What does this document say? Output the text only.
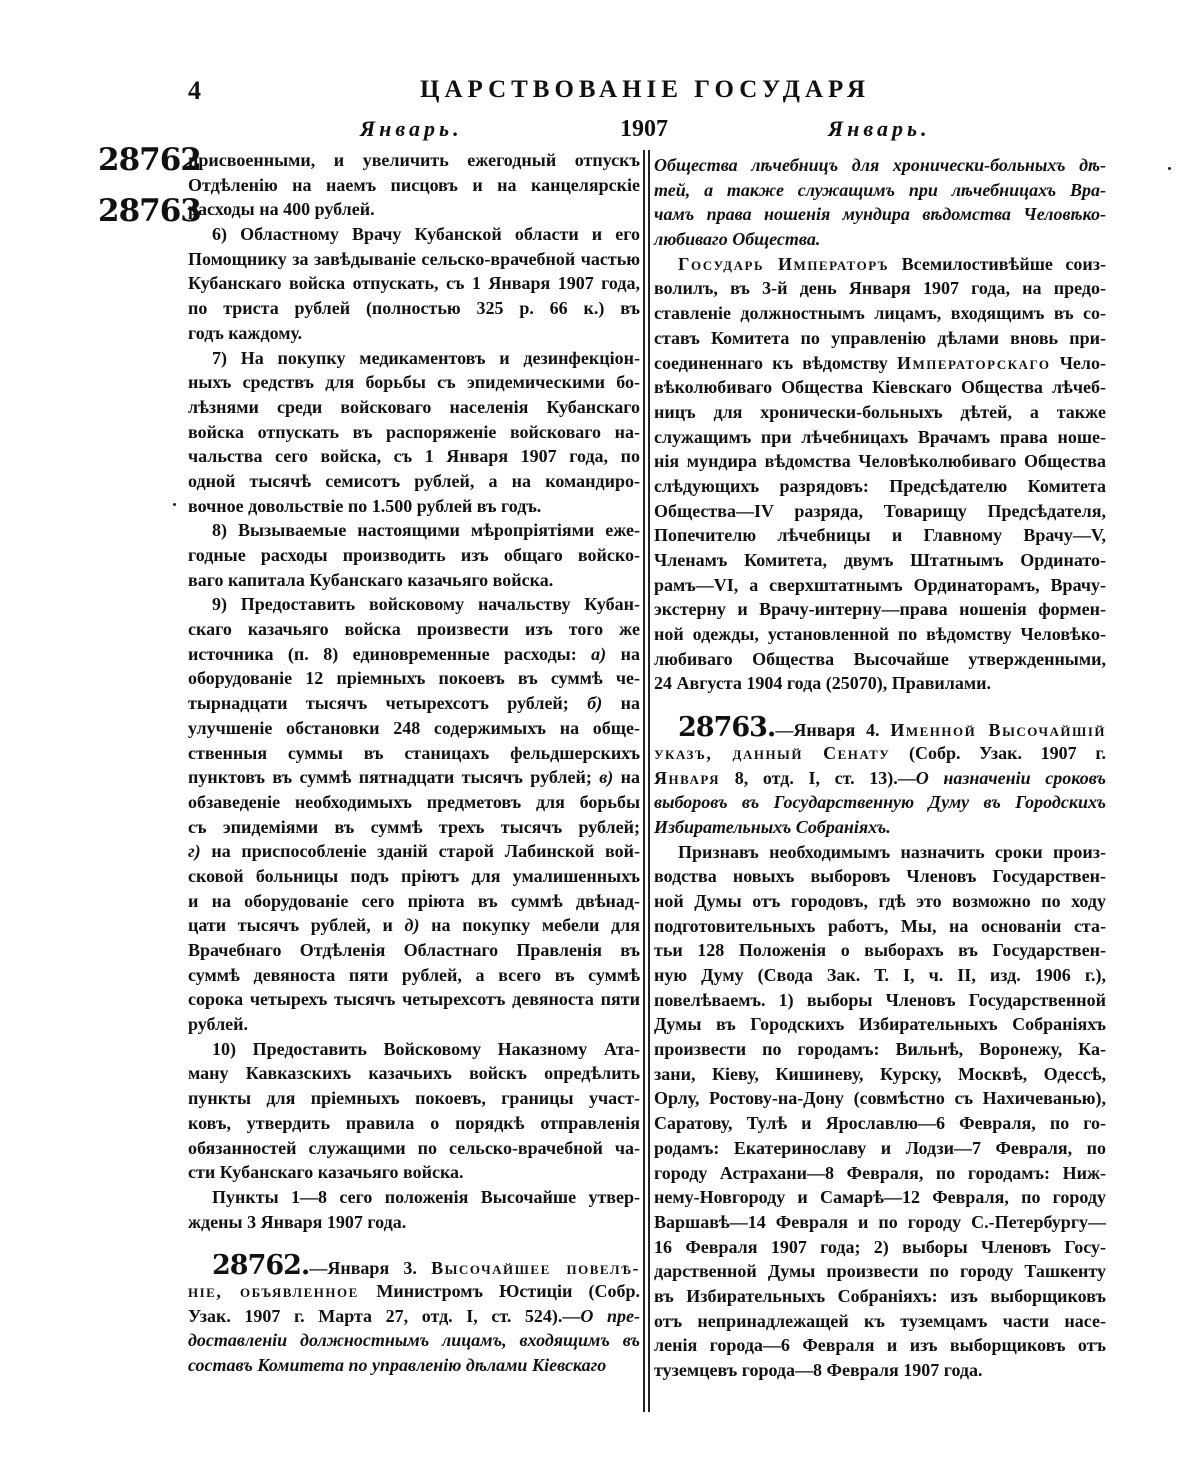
4	ЦАРСТВОВАНІЕ ГОСУДАРЯ
Январь.	1907	Январь.
28762
28763
присвоенными, и увеличить ежегодный отпускъ
Отдѣленію на наемъ писцовъ и на канцелярскіе
расходы на 400 рублей.
6) Областному Врачу Кубанской области и его
Помощнику за завѣдываніе сельско-врачебной частью
Кубанскаго войска отпускать, съ 1 Января 1907 года,
по триста рублей (полностью 325 р. 66 к.) въ
годъ каждому.
7) На покупку медикаментовъ и дезинфекціон-
ныхъ средствъ для борьбы съ эпидемическими бо-
лѣзнями среди войсковаго населенія Кубанскаго
войска отпускать въ распоряженіе войсковаго на-
чальства сего войска, съ 1 Января 1907 года, по
одной тысячѣ семисотъ рублей, а на командиро-
вочное довольствіе по 1.500 рублей въ годъ.
8) Вызываемые настоящими мѣропріятіями еже-
годные расходы производить изъ общаго войско-
ваго капитала Кубанскаго казачьяго войска.
9) Предоставить войсковому начальству Кубан-
скаго казачьяго войска произвести изъ того же
источника (п. 8) единовременные расходы: а) на
оборудованіе 12 пріемныхъ покоевъ въ суммѣ че-
тырнадцати тысячъ четырехсотъ рублей; б) на
улучшеніе обстановки 248 содержимыхъ на обще-
ственныя суммы въ станицахъ фельдшерскихъ
пунктовъ въ суммѣ пятнадцати тысячъ рублей; в) на
обзаведеніе необходимыхъ предметовъ для борьбы
съ эпидеміями въ суммѣ трехъ тысячъ рублей;
г) на приспособленіе зданій старой Лабинской вой-
сковой больницы подъ пріютъ для умалишенныхъ
и на оборудованіе сего пріюта въ суммѣ двѣнад-
цати тысячъ рублей, и д) на покупку мебели для
Врачебнаго Отдѣленія Областнаго Правленія въ
суммѣ девяноста пяти рублей, а всего въ суммѣ
сорока четырехъ тысячъ четырехсотъ девяноста пяти
рублей.
10) Предоставить Войсковому Наказному Ата-
ману Кавказскихъ казачьихъ войскъ опредѣлить
пункты для пріемныхъ покоевъ, границы участ-
ковъ, утвердить правила о порядкѣ отправленія
обязанностей служащими по сельско-врачебной ча-
сти Кубанскаго казачьяго войска.
Пункты 1—8 сего положенія Высочайше утвер-
ждены 3 Января 1907 года.
28762.—Января 3. Высочайшее повелѣ-
ніе, объявленное Министромъ Юстиціи (Собр.
Узак. 1907 г. Марта 27, отд. I, ст. 524).—О пре-
доставленіи должностнымъ лицамъ, входящимъ въ
составъ Комитета по управленію дѣлами Кіевскаго
Общества лѣчебницъ для хронически-больныхъ дѣ-
тей, а также служащимъ при лѣчебницахъ Вра-
чамъ права ношенія мундира вѣдомства Человѣко-
любиваго Общества.
Государь Императоръ Всемилостивѣйше соиз-
волилъ, въ 3-й день Января 1907 года, на предо-
ставленіе должностнымъ лицамъ, входящимъ въ со-
ставъ Комитета по управленію дѣлами вновь при-
соединеннаго къ вѣдомству Императорскаго Чело-
вѣколюбиваго Общества Кіевскаго Общества лѣчеб-
ницъ для хронически-больныхъ дѣтей, а также
служащимъ при лѣчебницахъ Врачамъ права ноше-
нія мундира вѣдомства Человѣколюбиваго Общества
слѣдующихъ разрядовъ: Предсѣдателю Комитета
Общества—IV разряда, Товарищу Предсѣдателя,
Попечителю лѣчебницы и Главному Врачу—V,
Членамъ Комитета, двумъ Штатнымъ Ординато-
рамъ—VI, а сверхштатнымъ Ординаторамъ, Врачу-
экстерну и Врачу-интерну—права ношенія формен-
ной одежды, установленной по вѣдомству Человѣко-
любиваго Общества Высочайше утвержденными,
24 Августа 1904 года (25070), Правилами.
28763.—Января 4. Именной Высочайшій
указъ, данный Сенату (Собр. Узак. 1907 г.
Января 8, отд. I, ст. 13).—О назначеніи сроковъ
выборовъ въ Государственную Думу въ Городскихъ
Избирательныхъ Собраніяхъ.
Признавъ необходимымъ назначить сроки произ-
водства новыхъ выборовъ Членовъ Государствен-
ной Думы отъ городовъ, гдѣ это возможно по ходу
подготовительныхъ работъ, Мы, на основаніи ста-
тьи 128 Положенія о выборахъ въ Государствен-
ную Думу (Свода Зак. Т. I, ч. II, изд. 1906 г.),
повелѣваемъ. 1) выборы Членовъ Государственной
Думы въ Городскихъ Избирательныхъ Собраніяхъ
произвести по городамъ: Вильнѣ, Воронежу, Ка-
зани, Кіеву, Кишиневу, Курску, Москвѣ, Одессѣ,
Орлу, Ростову-на-Дону (совмѣстно съ Нахичеванью),
Саратову, Тулѣ и Ярославлю—6 Февраля, по го-
родамъ: Екатеринославу и Лодзи—7 Февраля, по
городу Астрахани—8 Февраля, по городамъ: Ниж-
нему-Новгороду и Самарѣ—12 Февраля, по городу
Варшавѣ—14 Февраля и по городу С.-Петербургу—
16 Февраля 1907 года; 2) выборы Членовъ Госу-
дарственной Думы произвести по городу Ташкенту
въ Избирательныхъ Собраніяхъ: изъ выборщиковъ
отъ непринадлежащей къ туземцамъ части насе-
ленія города—6 Февраля и изъ выборщиковъ отъ
туземцевъ города—8 Февраля 1907 года.
